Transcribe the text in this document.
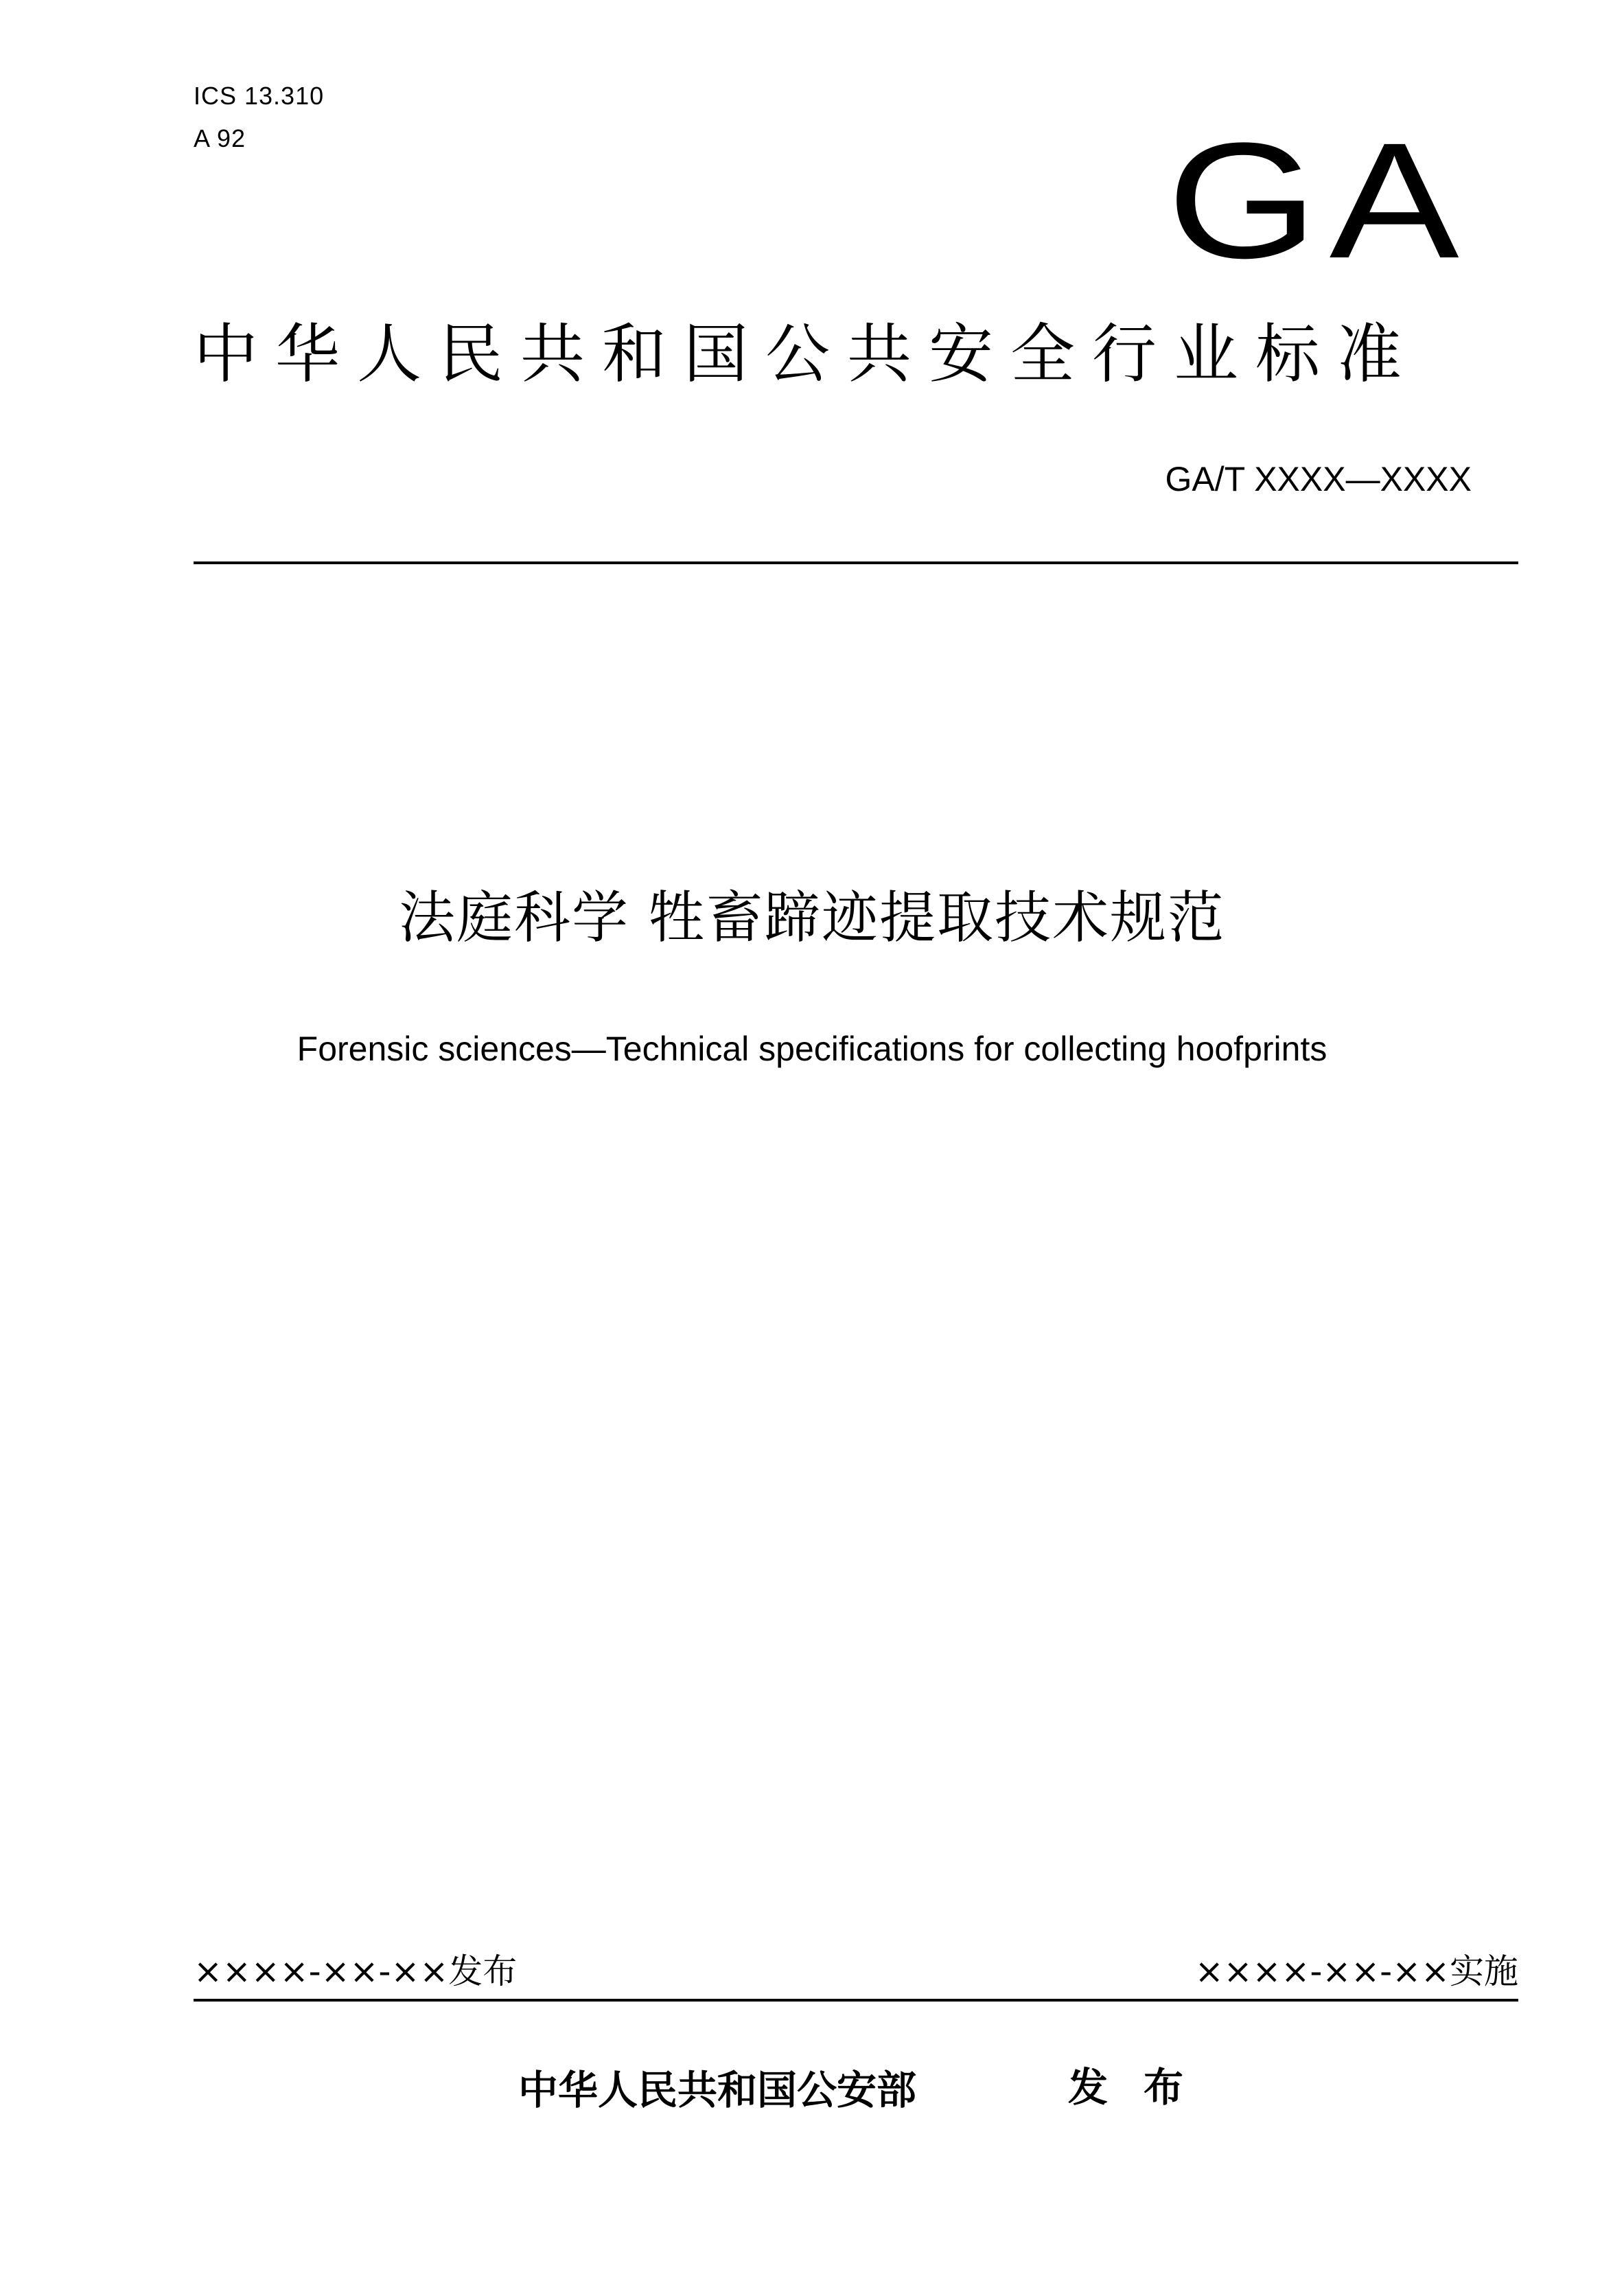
ICS 13.310
A 92	GA
中华人民共和国公共安全行业标准
GA/T XXXX—XXXX
法庭科学 牲畜蹄迹提取技术规范
Forensic sciences—Technical specifications for collecting hoofprints
××××-××-××发布	××××-××-××实施
中华人民共和国公安部	发布
